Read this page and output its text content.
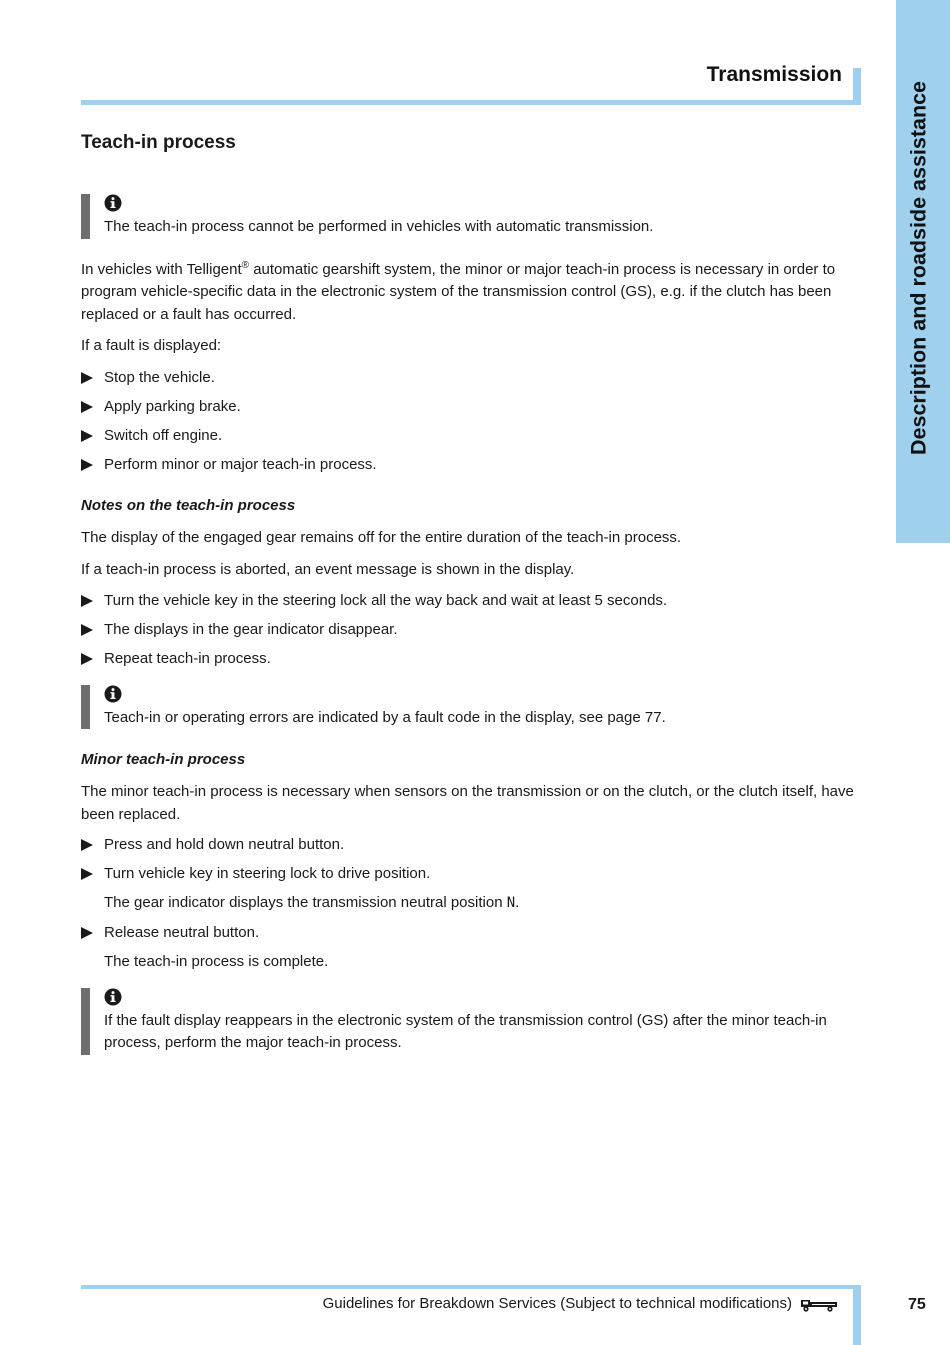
Description and roadside assistance
Transmission
Teach-in process

The teach-in process cannot be performed in vehicles with automatic transmission.

In vehicles with Telligent® automatic gearshift system, the minor or major teach-in process is necessary in order to program vehicle-specific data in the electronic system of the transmission control (GS), e.g. if the clutch has been replaced or a fault has occurred.

If a fault is displayed:

Stop the vehicle.
Apply parking brake.
Switch off engine.
Perform minor or major teach-in process.
Notes on the teach-in process

The display of the engaged gear remains off for the entire duration of the teach-in process.

If a teach-in process is aborted, an event message is shown in the display.

Turn the vehicle key in the steering lock all the way back and wait at least 5 seconds.
The displays in the gear indicator disappear.
Repeat teach-in process.

Teach-in or operating errors are indicated by a fault code in the display, see page 77.

Minor teach-in process

The minor teach-in process is necessary when sensors on the transmission or on the clutch, or the clutch itself, have been replaced.

Press and hold down neutral button.
Turn vehicle key in steering lock to drive position.
The gear indicator displays the transmission neutral position N.
Release neutral button.
The teach-in process is complete.

If the fault display reappears in the electronic system of the transmission control (GS) after the minor teach-in process, perform the major teach-in process.

Guidelines for Breakdown Services (Subject to technical modifications)	75
